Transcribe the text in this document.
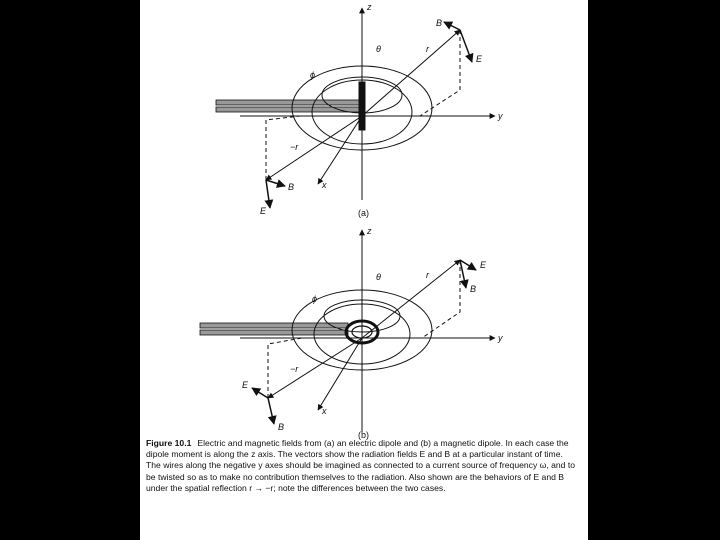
z
y
x
B
E
r
−r
θ
ϕ
E
B
(a)
z
y
x
E
B
r
−r
θ
ϕ
E
B
(b)
Figure 10.1 Electric and magnetic fields from (a) an electric dipole and (b) a magnetic dipole. In each case the dipole moment is along the z axis. The vectors show the radiation fields E and B at a particular instant of time. The wires along the negative y axes should be imagined as connected to a current source of frequency ω, and to be twisted so as to make no contribution themselves to the radiation. Also shown are the behaviors of E and B under the spatial reflection r → −r; note the differences between the two cases.
